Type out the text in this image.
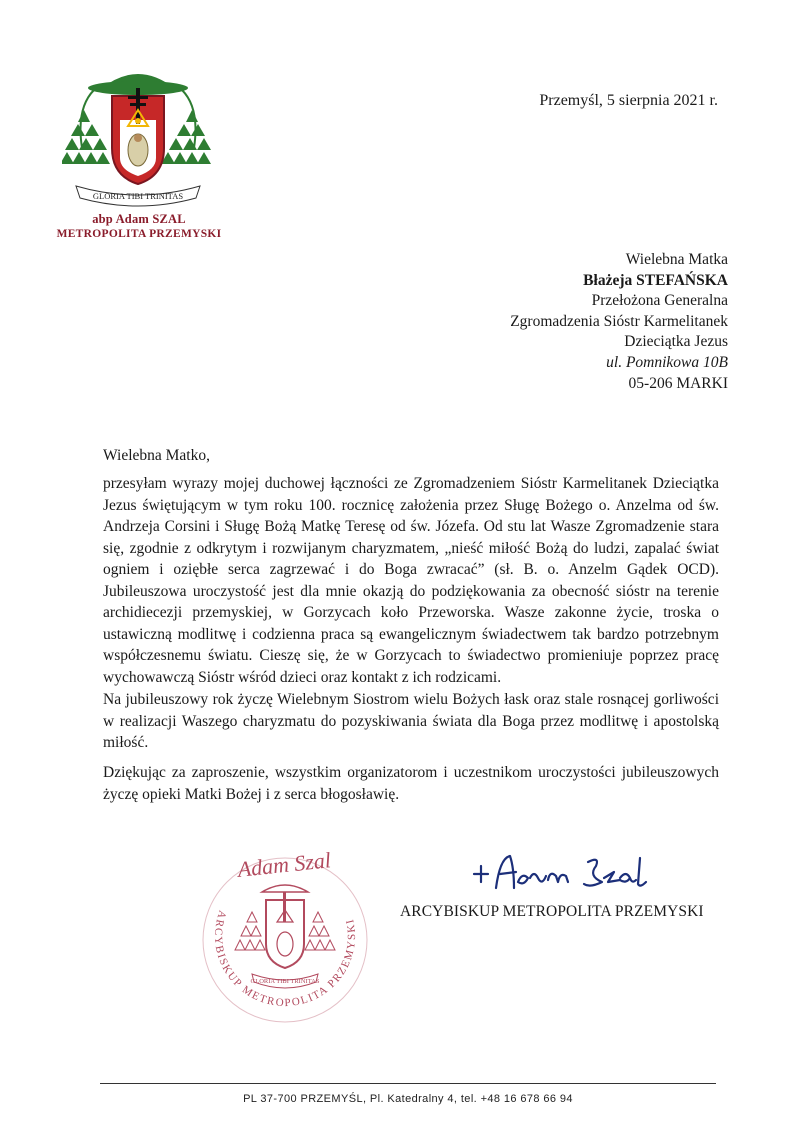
GLORIA TIBI TRINITAS
abp Adam SZAL
METROPOLITA PRZEMYSKI
Przemyśl, 5 sierpnia 2021 r.
Wielebna Matka
Błażeja STEFAŃSKA
Przełożona Generalna
Zgromadzenia Sióstr Karmelitanek
Dzieciątka Jezus
ul. Pomnikowa 10B
05-206 MARKI
Wielebna Matko,
przesyłam wyrazy mojej duchowej łączności ze Zgromadzeniem Sióstr Karmelitanek Dzieciątka Jezus świętującym w tym roku 100. rocznicę założenia przez Sługę Bożego o. Anzelma od św. Andrzeja Corsini i Sługę Bożą Matkę Teresę od św. Józefa. Od stu lat Wasze Zgromadzenie stara się, zgodnie z odkrytym i rozwijanym charyzmatem, „nieść miłość Bożą do ludzi, zapalać świat ogniem i oziębłe serca zagrzewać i do Boga zwracać” (sł. B. o. Anzelm Gądek OCD). Jubileuszowa uroczystość jest dla mnie okazją do podziękowania za obecność sióstr na terenie archidiecezji przemyskiej, w Gorzycach koło Przeworska. Wasze zakonne życie, troska o ustawiczną modlitwę i codzienna praca są ewangelicznym świadectwem tak bardzo potrzebnym współczesnemu światu. Cieszę się, że w Gorzycach to świadectwo promieniuje poprzez pracę wychowawczą Sióstr wśród dzieci oraz kontakt z ich rodzicami.
Na jubileuszowy rok życzę Wielebnym Siostrom wielu Bożych łask oraz stale rosnącej gorliwości w realizacji Waszego charyzmatu do pozyskiwania świata dla Boga przez modlitwę i apostolską miłość.
Dziękując za zaproszenie, wszystkim organizatorom i uczestnikom uroczystości jubileuszowych życzę opieki Matki Bożej i z serca błogosławię.
Adam Szal
ARCYBISKUP METROPOLITA PRZEMYSKI
GLORIA TIBI TRINITAS
ARCYBISKUP METROPOLITA PRZEMYSKI
PL 37-700 PRZEMYŚL, Pl. Katedralny 4, tel. +48 16 678 66 94
